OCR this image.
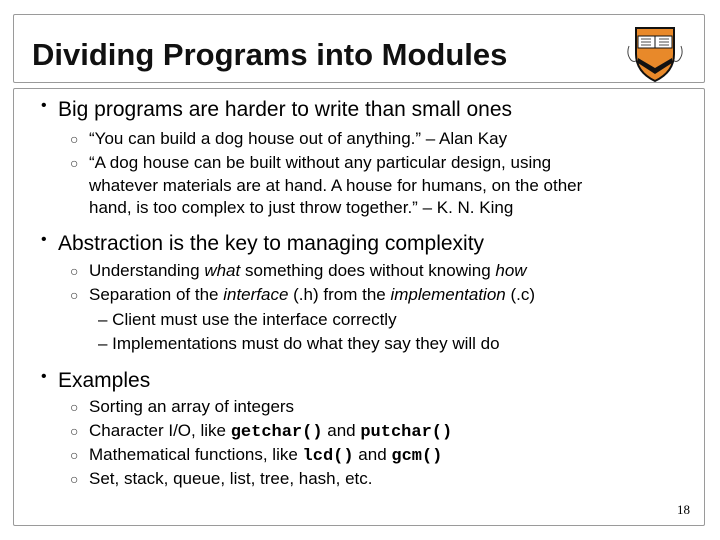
Dividing Programs into Modules
• Big programs are harder to write than small ones
○ “You can build a dog house out of anything.” – Alan Kay
○ “A dog house can be built without any particular design, using
whatever materials are at hand. A house for humans, on the other
hand, is too complex to just throw together.” – K. N. King
• Abstraction is the key to managing complexity
○ Understanding what something does without knowing how
○ Separation of the interface (.h) from the implementation (.c)
– Client must use the interface correctly
– Implementations must do what they say they will do
• Examples
○ Sorting an array of integers
○ Character I/O, like getchar() and putchar()
○ Mathematical functions, like lcd() and gcm()
○ Set, stack, queue, list, tree, hash, etc.
18
